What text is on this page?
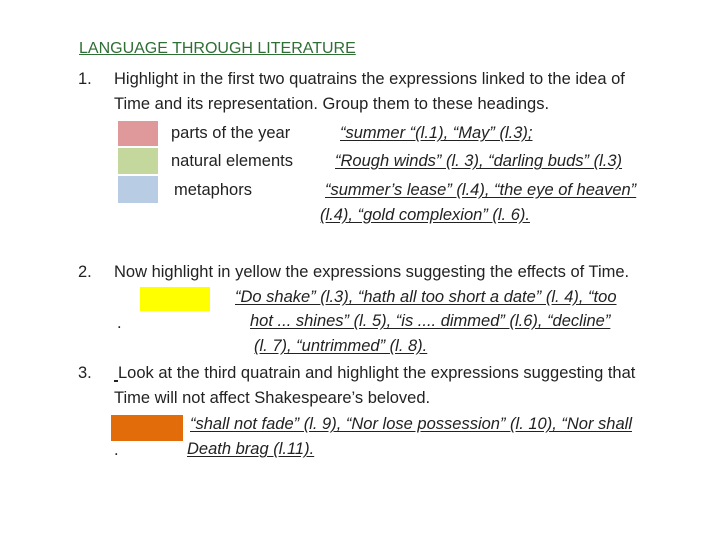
LANGUAGE THROUGH LITERATURE
1. Highlight in the first two quatrains the expressions linked to the idea of
Time and its representation. Group them to these headings.
parts of the year	“summer “(l.1), “May” (l.3);
natural elements	“Rough winds” (l. 3), “darling buds” (l.3)
metaphors	“summer’s lease” (l.4), “the eye of heaven”
(l.4), “gold complexion” (l. 6).
2. Now highlight in yellow the expressions suggesting the effects of Time.
“Do shake” (l.3), “hath all too short a date” (l. 4), “too
.	hot ... shines” (l. 5), “is .... dimmed” (l.6), “decline”
(l. 7), “untrimmed” (l. 8).
3. Look at the third quatrain and highlight the expressions suggesting that
Time will not affect Shakespeare’s beloved.
“shall not fade” (l. 9), “Nor lose possession” (l. 10), “Nor shall
.	Death brag (l.11).
